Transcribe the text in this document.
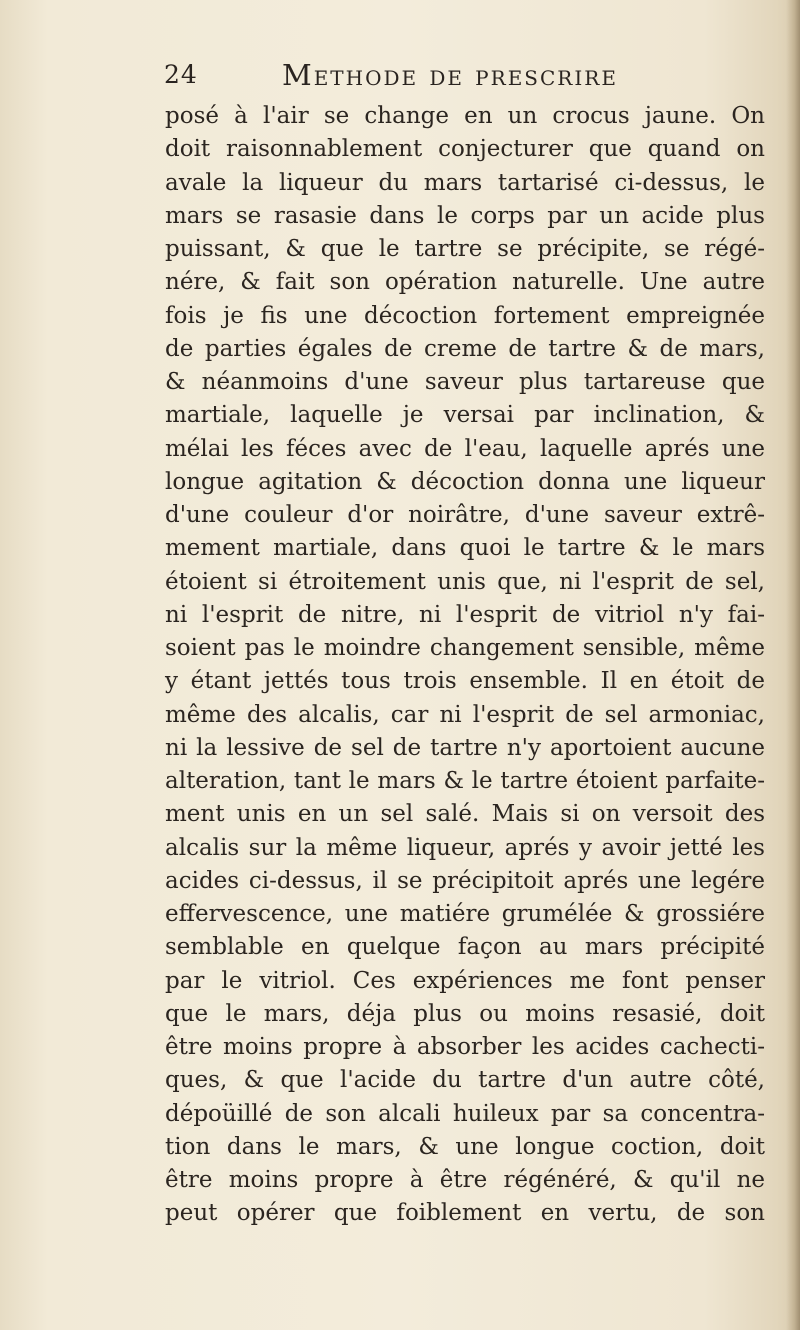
24	Methode de prescrire
posé à l'air se change en un crocus jaune. On
doit raisonnablement conjecturer que quand on
avale la liqueur du mars tartarisé ci-dessus, le
mars se rasasie dans le corps par un acide plus
puissant, & que le tartre se précipite, se régé-
nére, & fait son opération naturelle. Une autre
fois je fis une décoction fortement empreignée
de parties égales de creme de tartre & de mars,
& néanmoins d'une saveur plus tartareuse que
martiale, laquelle je versai par inclination, &
mélai les féces avec de l'eau, laquelle aprés une
longue agitation & décoction donna une liqueur
d'une couleur d'or noirâtre, d'une saveur extrê-
mement martiale, dans quoi le tartre & le mars
étoient si étroitement unis que, ni l'esprit de sel,
ni l'esprit de nitre, ni l'esprit de vitriol n'y fai-
soient pas le moindre changement sensible, même
y étant jettés tous trois ensemble. Il en étoit de
même des alcalis, car ni l'esprit de sel armoniac,
ni la lessive de sel de tartre n'y aportoient aucune
alteration, tant le mars & le tartre étoient parfaite-
ment unis en un sel salé. Mais si on versoit des
alcalis sur la même liqueur, aprés y avoir jetté les
acides ci-dessus, il se précipitoit aprés une legére
effervescence, une matiére grumélée & grossiére
semblable en quelque façon au mars précipité
par le vitriol. Ces expériences me font penser
que le mars, déja plus ou moins resasié, doit
être moins propre à absorber les acides cachecti-
ques, & que l'acide du tartre d'un autre côté,
dépoüillé de son alcali huileux par sa concentra-
tion dans le mars, & une longue coction, doit
être moins propre à être régénéré, & qu'il ne
peut opérer que foiblement en vertu, de son
